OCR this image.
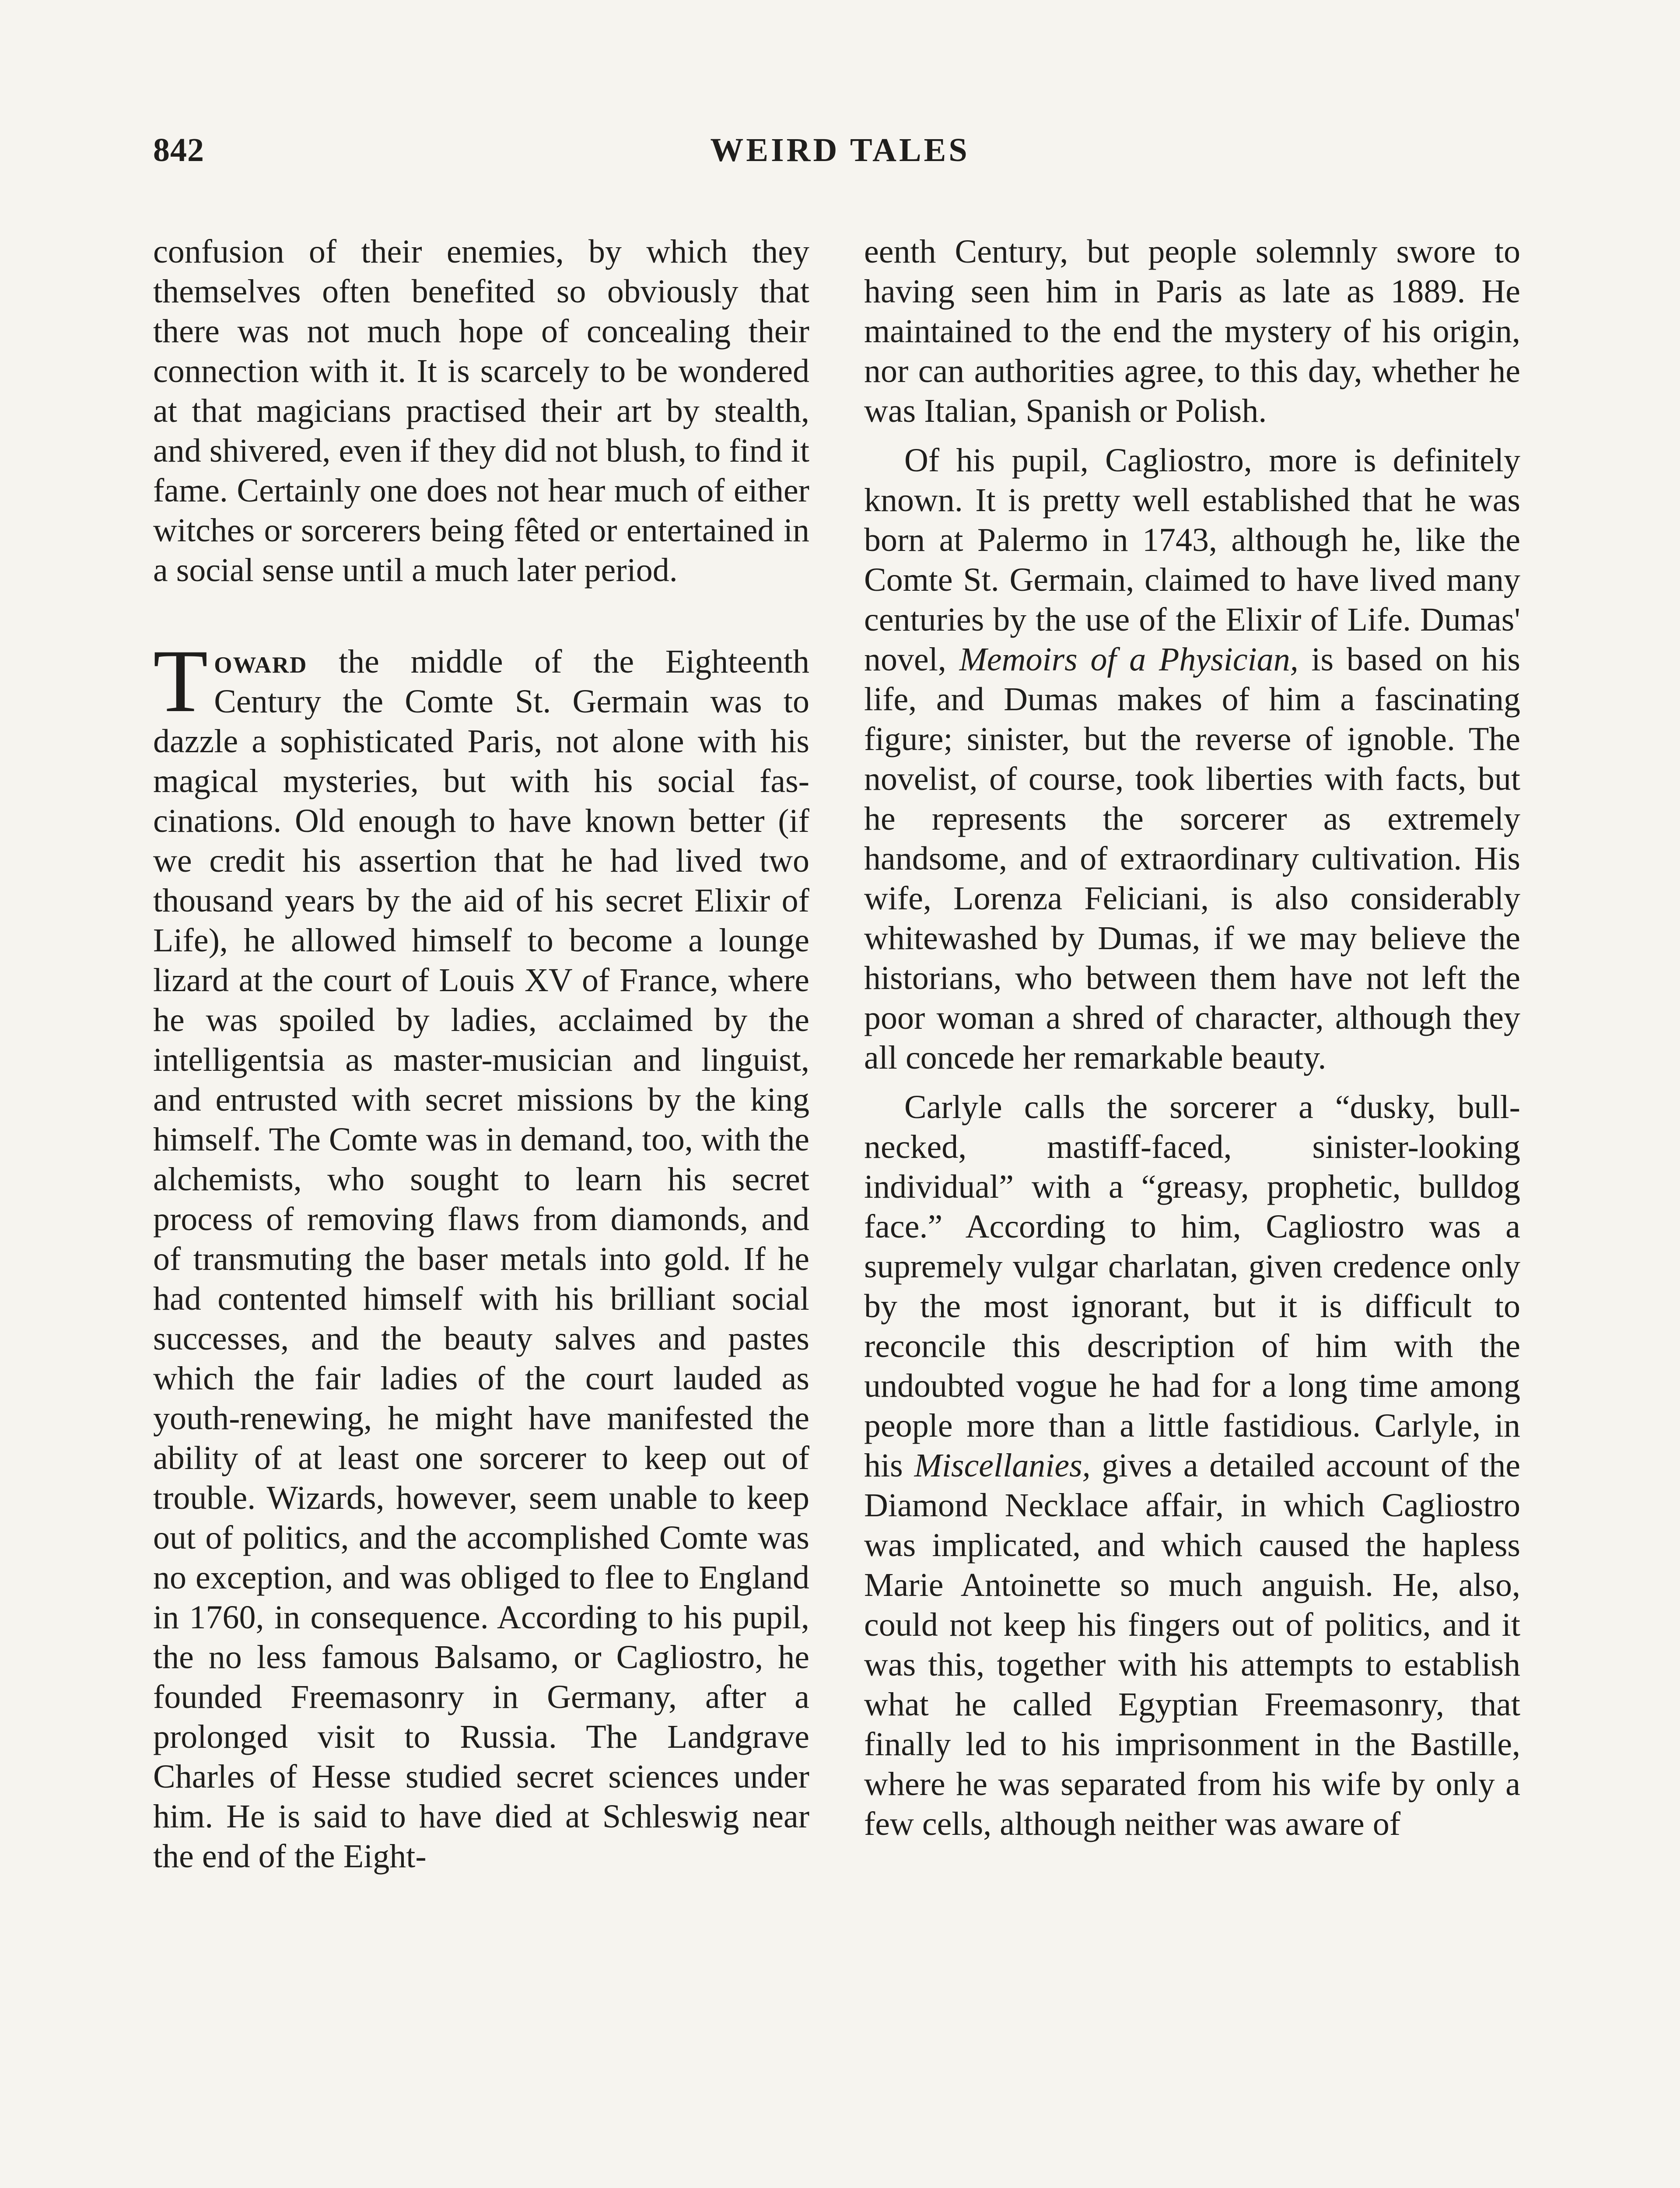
842	WEIRD TALES

confusion of their enemies, by which they themselves often benefited so obviously that there was not much hope of concealing their connection with it. It is scarcely to be wondered at that magicians practised their art by stealth, and shivered, even if they did not blush, to find it fame. Certainly one does not hear much of either witches or sorcerers being fêted or entertained in a social sense until a much later period.

Toward the middle of the Eighteenth Century the Comte St. Germain was to dazzle a sophisticated Paris, not alone with his magical mysteries, but with his social fascinations. Old enough to have known better (if we credit his assertion that he had lived two thousand years by the aid of his secret Elixir of Life), he allowed himself to become a lounge lizard at the court of Louis XV of France, where he was spoiled by ladies, acclaimed by the intelligentsia as master-musician and linguist, and entrusted with secret missions by the king himself. The Comte was in demand, too, with the alchemists, who sought to learn his secret process of removing flaws from diamonds, and of transmuting the baser metals into gold. If he had contented himself with his brilliant social successes, and the beauty salves and pastes which the fair ladies of the court lauded as youth-renewing, he might have manifested the ability of at least one sorcerer to keep out of trouble. Wizards, however, seem unable to keep out of politics, and the accomplished Comte was no exception, and was obliged to flee to England in 1760, in consequence. According to his pupil, the no less famous Balsamo, or Cagliostro, he founded Freemasonry in Germany, after a prolonged visit to Russia. The Landgrave Charles of Hesse studied secret sciences under him. He is said to have died at Schleswig near the end of the Eight-

eenth Century, but people solemnly swore to having seen him in Paris as late as 1889. He maintained to the end the mystery of his origin, nor can authorities agree, to this day, whether he was Italian, Spanish or Polish.

Of his pupil, Cagliostro, more is definitely known. It is pretty well established that he was born at Palermo in 1743, although he, like the Comte St. Germain, claimed to have lived many centuries by the use of the Elixir of Life. Dumas' novel, Memoirs of a Physician, is based on his life, and Dumas makes of him a fascinating figure; sinister, but the reverse of ignoble. The novelist, of course, took liberties with facts, but he represents the sorcerer as extremely handsome, and of extraordinary cultivation. His wife, Lorenza Feliciani, is also considerably whitewashed by Dumas, if we may believe the historians, who between them have not left the poor woman a shred of character, although they all concede her remarkable beauty.

Carlyle calls the sorcerer a “dusky, bull-necked, mastiff-faced, sinister-looking individual” with a “greasy, prophetic, bulldog face.” According to him, Cagliostro was a supremely vulgar charlatan, given credence only by the most ignorant, but it is difficult to reconcile this description of him with the undoubted vogue he had for a long time among people more than a little fastidious. Carlyle, in his Miscellanies, gives a detailed account of the Diamond Necklace affair, in which Cagliostro was implicated, and which caused the hapless Marie Antoinette so much anguish. He, also, could not keep his fingers out of politics, and it was this, together with his attempts to establish what he called Egyptian Freemasonry, that finally led to his imprisonment in the Bastille, where he was separated from his wife by only a few cells, although neither was aware of
